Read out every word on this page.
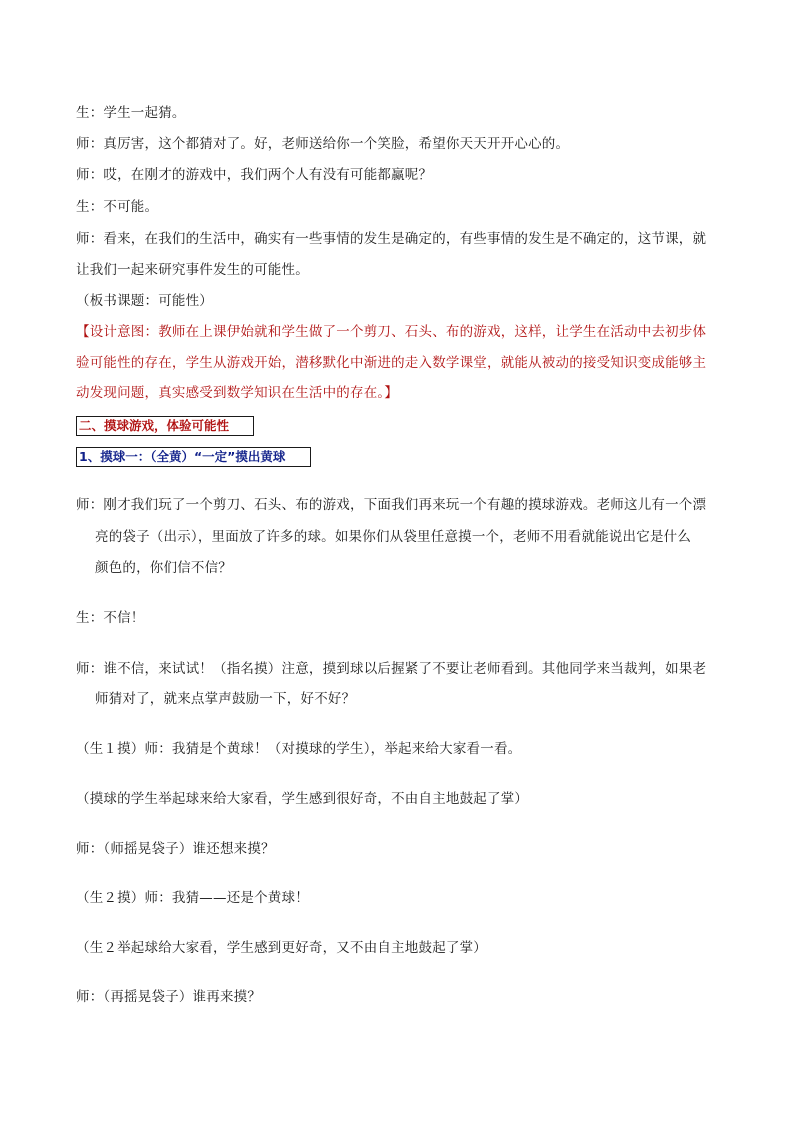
生：学生一起猜。
师：真厉害，这个都猜对了。好，老师送给你一个笑脸，希望你天天开开心心的。
师：哎，在刚才的游戏中，我们两个人有没有可能都赢呢？
生：不可能。
师：看来，在我们的生活中，确实有一些事情的发生是确定的，有些事情的发生是不确定的，这节课，就
让我们一起来研究事件发生的可能性。
（板书课题：可能性）
【设计意图：教师在上课伊始就和学生做了一个剪刀、石头、布的游戏，这样，让学生在活动中去初步体
验可能性的存在，学生从游戏开始，潜移默化中渐进的走入数学课堂，就能从被动的接受知识变成能够主
动发现问题，真实感受到数学知识在生活中的存在。】
二、摸球游戏，体验可能性
1、摸球一：（全黄）“一定”摸出黄球
师：刚才我们玩了一个剪刀、石头、布的游戏，下面我们再来玩一个有趣的摸球游戏。老师这儿有一个漂
亮的袋子（出示），里面放了许多的球。如果你们从袋里任意摸一个，老师不用看就能说出它是什么
颜色的，你们信不信？
生：不信！
师：谁不信，来试试！（指名摸）注意，摸到球以后握紧了不要让老师看到。其他同学来当裁判，如果老
师猜对了，就来点掌声鼓励一下，好不好？
（生１摸）师：我猜是个黄球！（对摸球的学生），举起来给大家看一看。
（摸球的学生举起球来给大家看，学生感到很好奇，不由自主地鼓起了掌）
师：（师摇晃袋子）谁还想来摸？
（生２摸）师：我猜——还是个黄球！
（生２举起球给大家看，学生感到更好奇，又不由自主地鼓起了掌）
师：（再摇晃袋子）谁再来摸？
